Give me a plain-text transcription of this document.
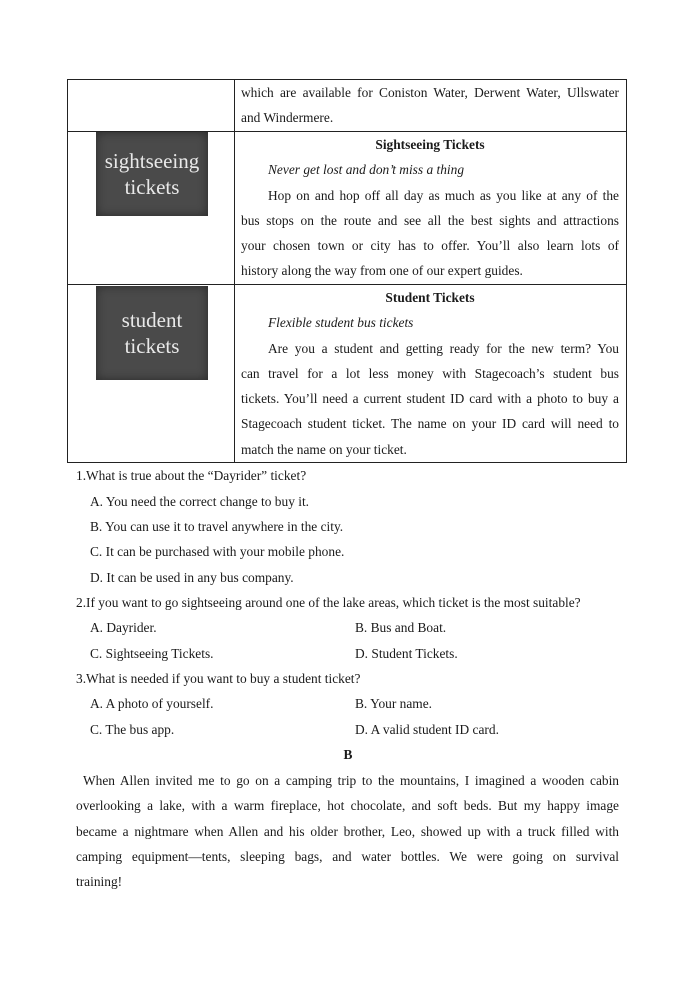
which are available for Coniston Water, Derwent Water, Ullswater
and Windermere.
sightseeing
tickets
Sightseeing Tickets
Never get lost and don’t miss a thing
Hop on and hop off all day as much as you like at any of the
bus stops on the route and see all the best sights and attractions
your chosen town or city has to offer. You’ll also learn lots of
history along the way from one of our expert guides.
student
tickets
Student Tickets
Flexible student bus tickets
Are you a student and getting ready for the new term? You
can travel for a lot less money with Stagecoach’s student bus
tickets. You’ll need a current student ID card with a photo to buy a
Stagecoach student ticket. The name on your ID card will need to
match the name on your ticket.
1.What is true about the “Dayrider” ticket?
A. You need the correct change to buy it.
B. You can use it to travel anywhere in the city.
C. It can be purchased with your mobile phone.
D. It can be used in any bus company.
2.If you want to go sightseeing around one of the lake areas, which ticket is the most suitable?
A. Dayrider.	B. Bus and Boat.
C. Sightseeing Tickets.	D. Student Tickets.
3.What is needed if you want to buy a student ticket?
A. A photo of yourself.	B. Your name.
C. The bus app.	D. A valid student ID card.
B
When Allen invited me to go on a camping trip to the mountains, I imagined a wooden cabin
overlooking a lake, with a warm fireplace, hot chocolate, and soft beds. But my happy image
became a nightmare when Allen and his older brother, Leo, showed up with a truck filled with
camping equipment—tents, sleeping bags, and water bottles. We were going on survival
training!
